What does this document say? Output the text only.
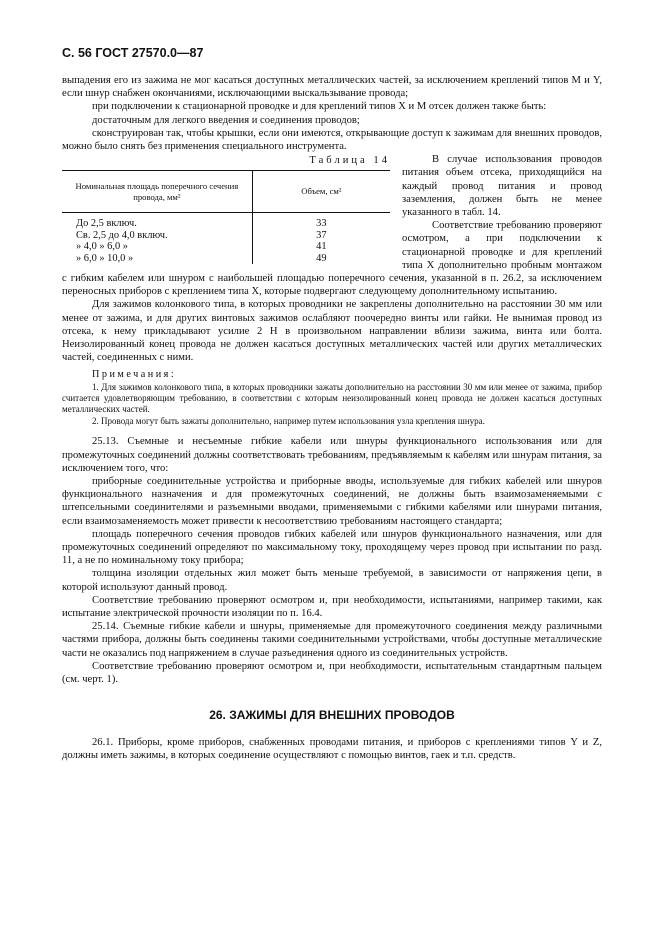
С. 56 ГОСТ 27570.0—87

выпадения его из зажима не мог касаться доступных металлических частей, за исключением креплений типов М и Y, если шнур снабжен окончаниями, исключающими выскальзывание провода;

при подключении к стационарной проводке и для креплений типов X и М отсек должен также быть:

достаточным для легкого введения и соединения проводов;

сконструирован так, чтобы крышки, если они имеются, открывающие доступ к зажимам для внешних проводов, можно было снять без применения специального инструмента.

Таблица 14
Номинальная площадь поперечного сечения провода, мм²	Объем, см²
До 2,5 включ.	33
Св. 2,5 до 4,0 включ.	37
» 4,0 » 6,0 »	41
» 6,0 » 10,0 »	49

В случае использования проводов питания объем отсека, приходящийся на каждый провод питания и провод заземления, должен быть не менее указанного в табл. 14.

Соответствие требованию проверяют осмотром, а при подключении к стационарной проводке и для креплений типа X дополнительно пробным монтажом с гибким кабелем или шнуром с наибольшей площадью поперечного сечения, указанной в п. 26.2, за исключением переносных приборов с креплением типа X, которые подвергают следующему дополнительному испытанию.

Для зажимов колонкового типа, в которых проводники не закреплены дополнительно на расстоянии 30 мм или менее от зажима, и для других винтовых зажимов ослабляют поочередно винты или гайки. Не вынимая провод из отсека, к нему прикладывают усилие 2 Н в произвольном направлении вблизи зажима, винта или болта. Неизолированный конец провода не должен касаться доступных металлических частей или других металлических частей, соединенных с ними.

Примечания:

1. Для зажимов колонкового типа, в которых проводники зажаты дополнительно на расстоянии 30 мм или менее от зажима, прибор считается удовлетворяющим требованию, в соответствии с которым неизолированный конец провода не должен касаться доступных металлических частей.

2. Провода могут быть зажаты дополнительно, например путем использования узла крепления шнура.

25.13. Съемные и несъемные гибкие кабели или шнуры функционального использования или для промежуточных соединений должны соответствовать требованиям, предъявляемым к кабелям или шнурам питания, за исключением того, что:

приборные соединительные устройства и приборные вводы, используемые для гибких кабелей или шнуров функционального назначения и для промежуточных соединений, не должны быть взаимозаменяемыми с штепсельными соединителями и разъемными вводами, применяемыми с гибкими кабелями или шнурами питания, если взаимозаменяемость может привести к несоответствию требованиям настоящего стандарта;

площадь поперечного сечения проводов гибких кабелей или шнуров функционального назначения, или для промежуточных соединений определяют по максимальному току, проходящему через провод при испытании по разд. 11, а не по номинальному току прибора;

толщина изоляции отдельных жил может быть меньше требуемой, в зависимости от напряжения цепи, в которой используют данный провод.

Соответствие требованию проверяют осмотром и, при необходимости, испытаниями, например такими, как испытание электрической прочности изоляции по п. 16.4.

25.14. Съемные гибкие кабели и шнуры, применяемые для промежуточного соединения между различными частями прибора, должны быть соединены такими соединительными устройствами, чтобы доступные металлические части не оказались под напряжением в случае разъединения одного из соединительных устройств.

Соответствие требованию проверяют осмотром и, при необходимости, испытательным стандартным пальцем (см. черт. 1).

26. ЗАЖИМЫ ДЛЯ ВНЕШНИХ ПРОВОДОВ

26.1. Приборы, кроме приборов, снабженных проводами питания, и приборов с креплениями типов Y и Z, должны иметь зажимы, в которых соединение осуществляют с помощью винтов, гаек и т.п. средств.
